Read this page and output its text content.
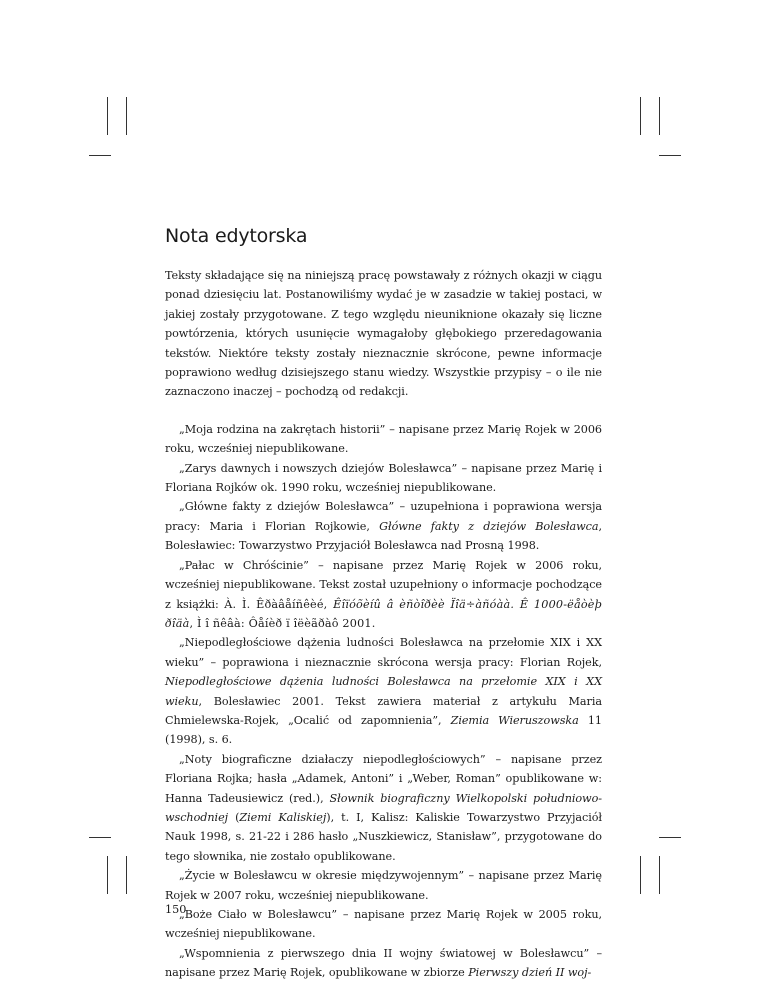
Nota edytorska

Teksty składające się na niniejszą pracę powstawały z różnych okazji w ciągu ponad dziesięciu lat. Postanowiliśmy wydać je w zasadzie w takiej postaci, w jakiej zostały przygotowane. Z tego względu nieuniknione okazały się liczne powtórzenia, których usunięcie wymagałoby głębokiego przeredagowania tekstów. Niektóre teksty zostały nieznacznie skrócone, pewne informacje poprawiono według dzisiejszego stanu wiedzy. Wszystkie przypisy – o ile nie zaznaczono inaczej – pochodzą od redakcji.

„Moja rodzina na zakrętach historii” – napisane przez Marię Rojek w 2006 roku, wcześniej niepublikowane.

„Zarys dawnych i nowszych dziejów Bolesławca” – napisane przez Marię i Floriana Rojków ok. 1990 roku, wcześniej niepublikowane.

„Główne fakty z dziejów Bolesławca” – uzupełniona i poprawiona wersja pracy: Maria i Florian Rojkowie, Główne fakty z dziejów Bolesławca, Bolesławiec: Towarzystwo Przyjaciół Bolesławca nad Prosną 1998.

„Pałac w Chróścinie” – napisane przez Marię Rojek w 2006 roku, wcześniej niepublikowane. Tekst został uzupełniony o informacje pochodzące z książki: À. Ì. Êðàâåíñêèé, Êîïóõèíû â èñòîðèè Ïîä÷àñóàà. Ê 1000-ëåòèþ ðîäà, Ì î ñêâà: Ôåíèð ï îëèãðàô 2001.

„Niepodległościowe dążenia ludności Bolesławca na przełomie XIX i XX wieku” – poprawiona i nieznacznie skrócona wersja pracy: Florian Rojek, Niepodległościowe dążenia ludności Bolesławca na przełomie XIX i XX wieku, Bolesławiec 2001. Tekst zawiera materiał z artykułu Maria Chmielewska-Rojek, „Ocalić od zapomnienia”, Ziemia Wieruszowska 11 (1998), s. 6.

„Noty biograficzne działaczy niepodległościowych” – napisane przez Floriana Rojka; hasła „Adamek, Antoni” i „Weber, Roman” opublikowane w: Hanna Tadeusiewicz (red.), Słownik biograficzny Wielkopolski południowo-wschodniej (Ziemi Kaliskiej), t. I, Kalisz: Kaliskie Towarzystwo Przyjaciół Nauk 1998, s. 21-22 i 286 hasło „Nuszkiewicz, Stanisław”, przygotowane do tego słownika, nie zostało opublikowane.

„Życie w Bolesławcu w okresie międzywojennym” – napisane przez Marię Rojek w 2007 roku, wcześniej niepublikowane.

„Boże Ciało w Bolesławcu” – napisane przez Marię Rojek w 2005 roku, wcześniej niepublikowane.

„Wspomnienia z pierwszego dnia II wojny światowej w Bolesławcu” – napisane przez Marię Rojek, opublikowane w zbiorze Pierwszy dzień II woj-

150
